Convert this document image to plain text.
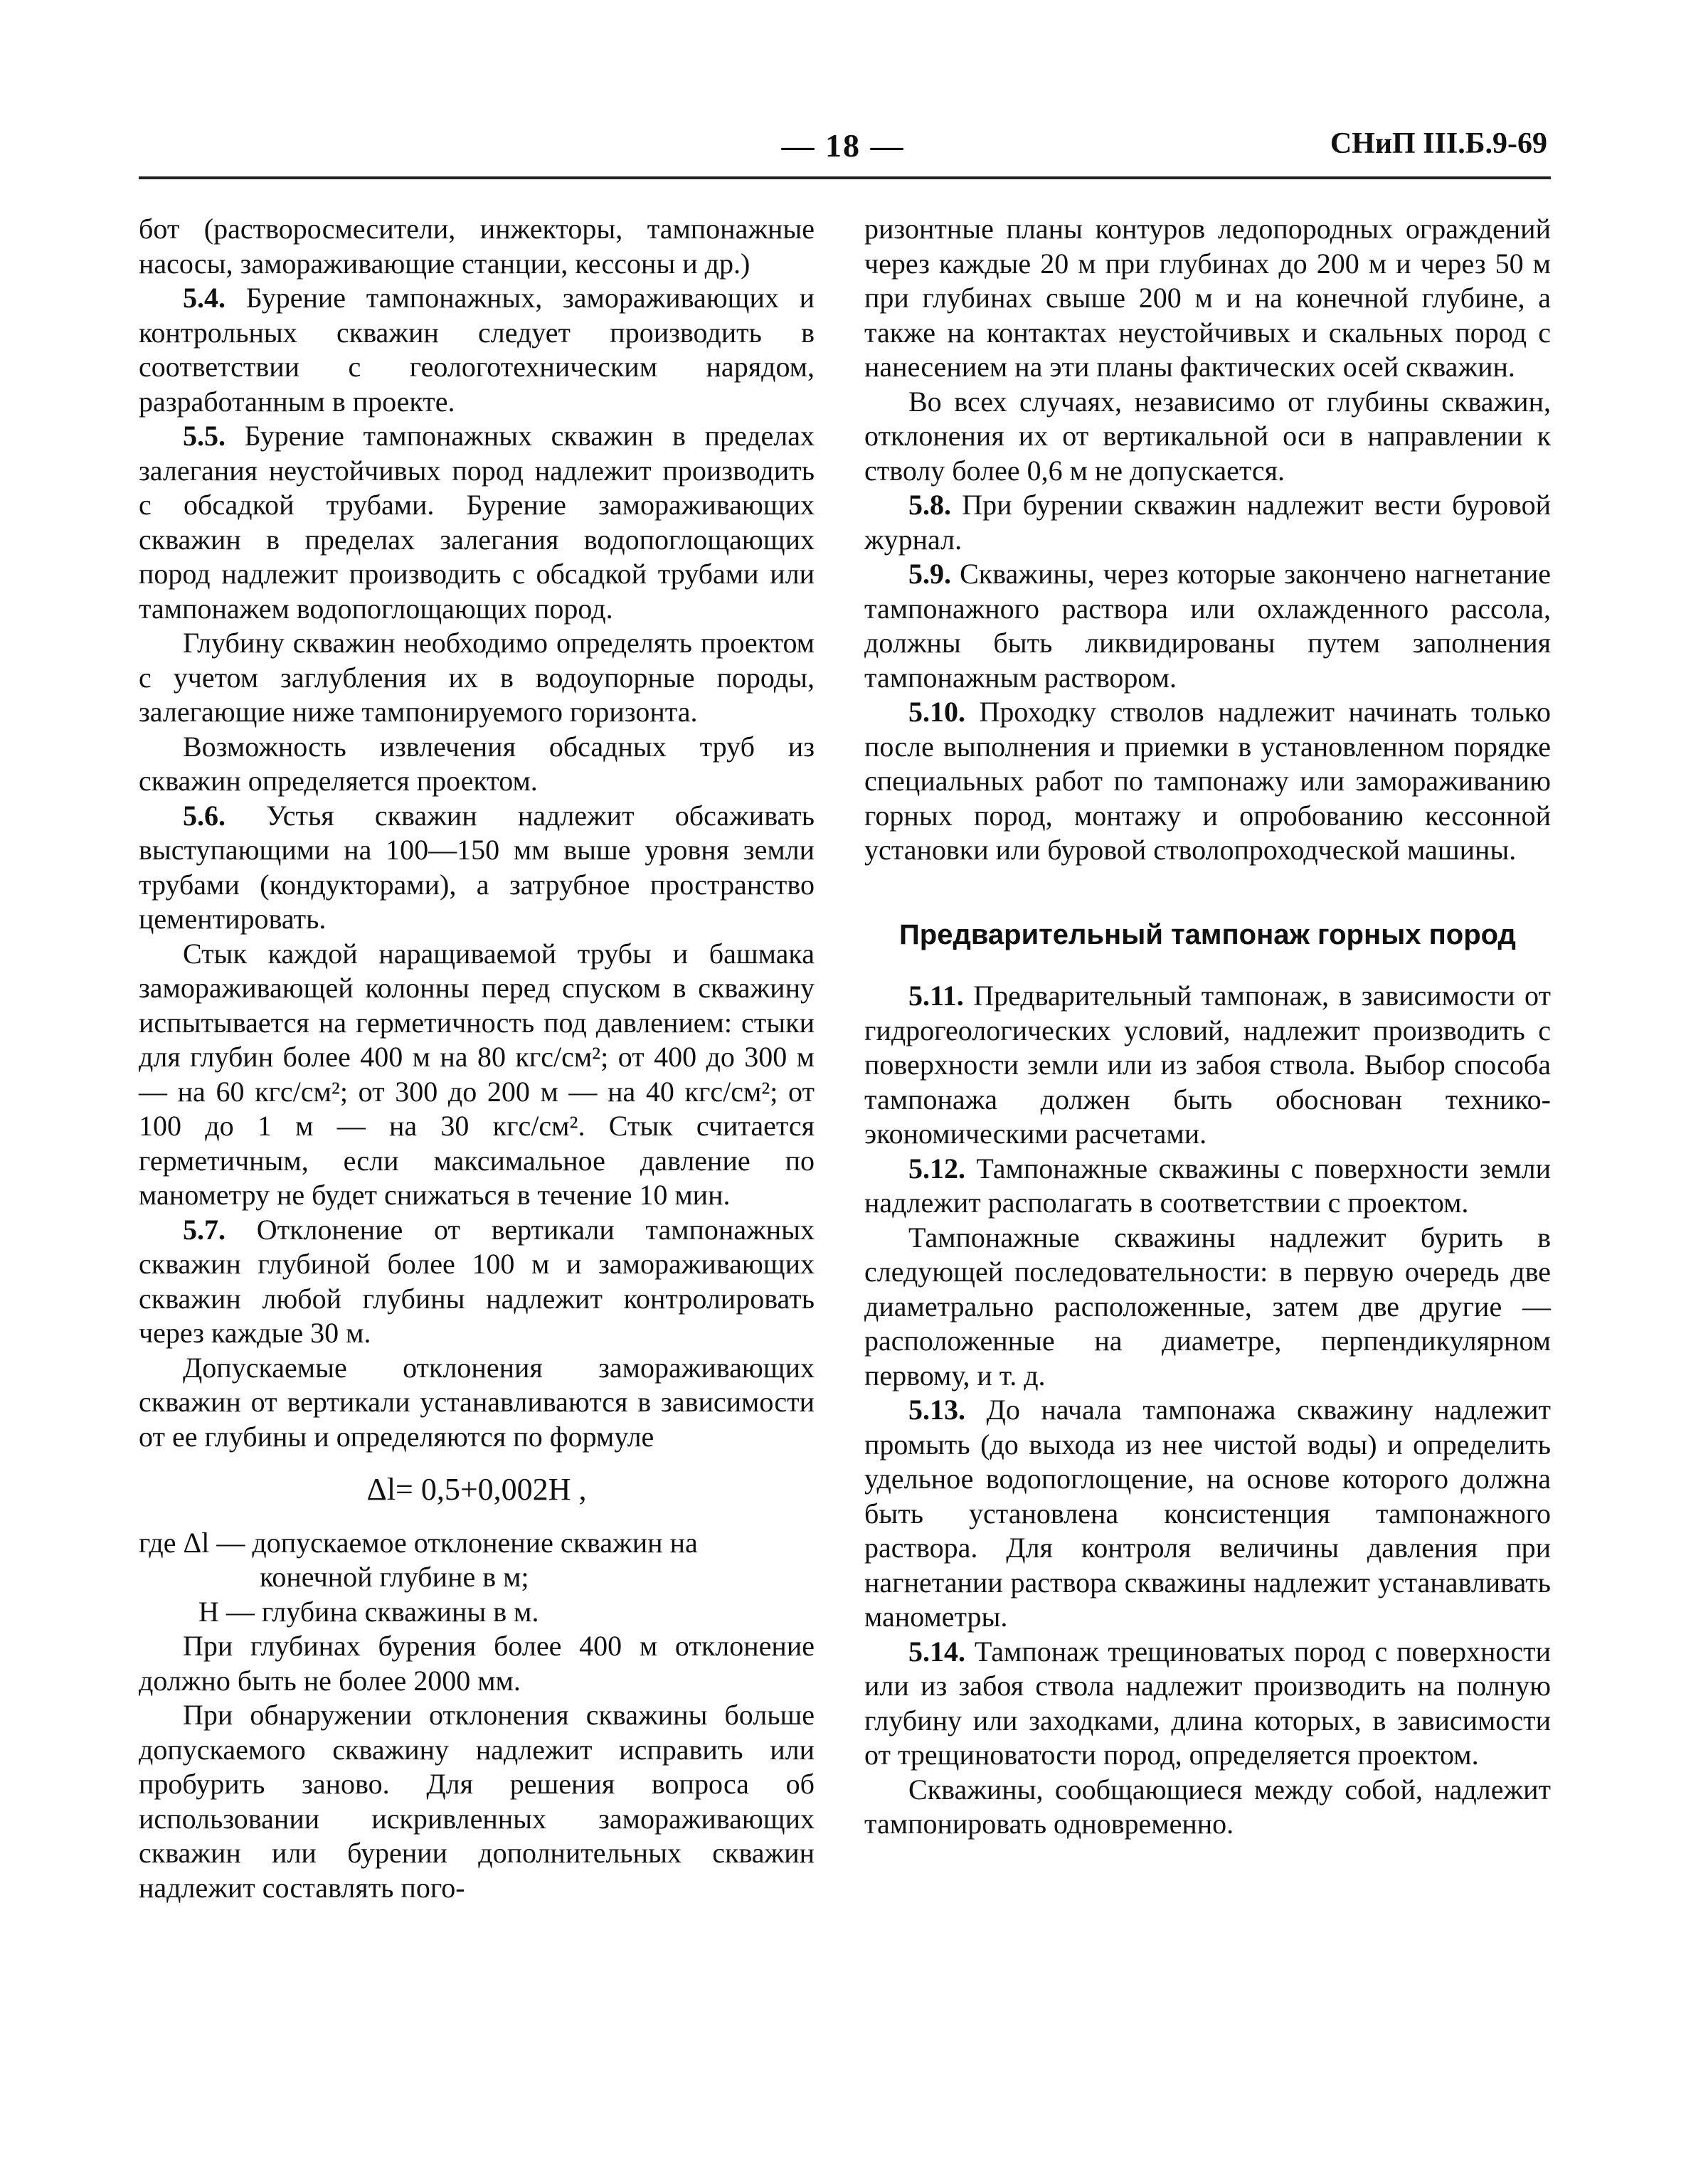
— 18 —	СНиП III.Б.9-69

бот (растворосмесители, инжекторы, тампонажные насосы, замораживающие станции, кессоны и др.)

5.4. Бурение тампонажных, замораживающих и контрольных скважин следует производить в соответствии с геологотехническим нарядом, разработанным в проекте.

5.5. Бурение тампонажных скважин в пределах залегания неустойчивых пород надлежит производить с обсадкой трубами. Бурение замораживающих скважин в пределах залегания водопоглощающих пород надлежит производить с обсадкой трубами или тампонажем водопоглощающих пород.

Глубину скважин необходимо определять проектом с учетом заглубления их в водоупорные породы, залегающие ниже тампонируемого горизонта.

Возможность извлечения обсадных труб из скважин определяется проектом.

5.6. Устья скважин надлежит обсаживать выступающими на 100—150 мм выше уровня земли трубами (кондукторами), а затрубное пространство цементировать.

Стык каждой наращиваемой трубы и башмака замораживающей колонны перед спуском в скважину испытывается на герметичность под давлением: стыки для глубин более 400 м на 80 кгс/см²; от 400 до 300 м — на 60 кгс/см²; от 300 до 200 м — на 40 кгс/см²; от 100 до 1 м — на 30 кгс/см². Стык считается герметичным, если максимальное давление по манометру не будет снижаться в течение 10 мин.

5.7. Отклонение от вертикали тампонажных скважин глубиной более 100 м и замораживающих скважин любой глубины надлежит контролировать через каждые 30 м.

Допускаемые отклонения замораживающих скважин от вертикали устанавливаются в зависимости от ее глубины и определяются по формуле

Δl= 0,5+0,002H ,
где Δl — допускаемое отклонение скважин на
конечной глубине в м;
H — глубина скважины в м.

При глубинах бурения более 400 м отклонение должно быть не более 2000 мм.

При обнаружении отклонения скважины больше допускаемого скважину надлежит исправить или пробурить заново. Для решения вопроса об использовании искривленных замораживающих скважин или бурении дополнительных скважин надлежит составлять пого-

ризонтные планы контуров ледопородных ограждений через каждые 20 м при глубинах до 200 м и через 50 м при глубинах свыше 200 м и на конечной глубине, а также на контактах неустойчивых и скальных пород с нанесением на эти планы фактических осей скважин.

Во всех случаях, независимо от глубины скважин, отклонения их от вертикальной оси в направлении к стволу более 0,6 м не допускается.

5.8. При бурении скважин надлежит вести буровой журнал.

5.9. Скважины, через которые закончено нагнетание тампонажного раствора или охлажденного рассола, должны быть ликвидированы путем заполнения тампонажным раствором.

5.10. Проходку стволов надлежит начинать только после выполнения и приемки в установленном порядке специальных работ по тампонажу или замораживанию горных пород, монтажу и опробованию кессонной установки или буровой стволопроходческой машины.

Предварительный тампонаж горных пород

5.11. Предварительный тампонаж, в зависимости от гидрогеологических условий, надлежит производить с поверхности земли или из забоя ствола. Выбор способа тампонажа должен быть обоснован технико-экономическими расчетами.

5.12. Тампонажные скважины с поверхности земли надлежит располагать в соответствии с проектом.

Тампонажные скважины надлежит бурить в следующей последовательности: в первую очередь две диаметрально расположенные, затем две другие — расположенные на диаметре, перпендикулярном первому, и т. д.

5.13. До начала тампонажа скважину надлежит промыть (до выхода из нее чистой воды) и определить удельное водопоглощение, на основе которого должна быть установлена консистенция тампонажного раствора. Для контроля величины давления при нагнетании раствора скважины надлежит устанавливать манометры.

5.14. Тампонаж трещиноватых пород с поверхности или из забоя ствола надлежит производить на полную глубину или заходками, длина которых, в зависимости от трещиноватости пород, определяется проектом.

Скважины, сообщающиеся между собой, надлежит тампонировать одновременно.
